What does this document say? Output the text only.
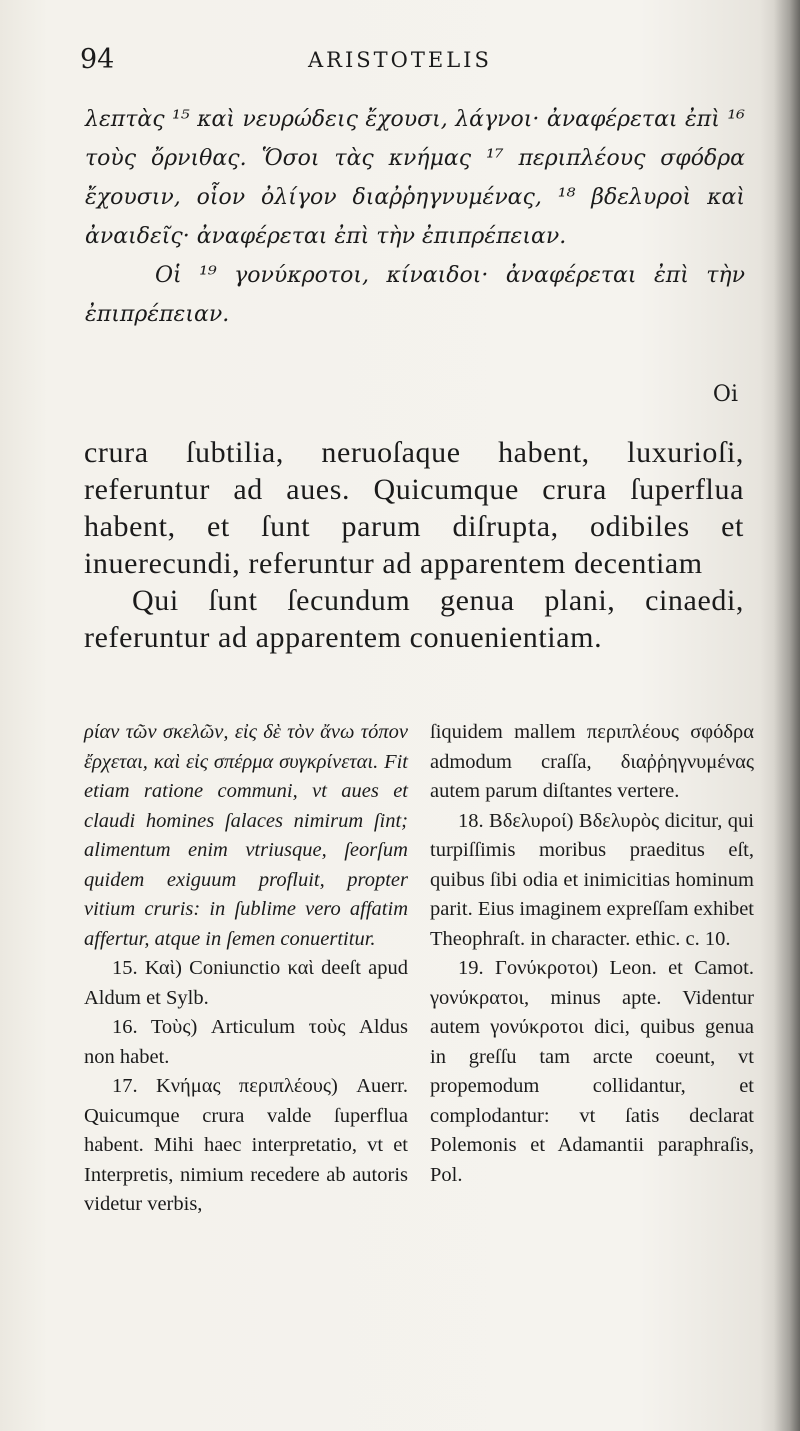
94	ARISTOTELIS

λεπτὰς ¹⁵ καὶ νευρώδεις ἔχουσι, λάγνοι· ἀναφέρεται ἐπὶ ¹⁶ τοὺς ὄρνιθας. Ὅσοι τὰς κνήμας ¹⁷ περιπλέους σφόδρα ἔχουσιν, οἷον ὀλίγον διαῤῥηγνυμένας, ¹⁸ βδελυροὶ καὶ ἀναιδεῖς· ἀναφέρεται ἐπὶ τὴν ἐπιπρέπειαν.

Οἱ ¹⁹ γονύκροτοι, κίναιδοι· ἀναφέρεται ἐπὶ τὴν ἐπιπρέπειαν.

Oi

crura ſubtilia, neruoſaque habent, luxurioſi, referuntur ad aues. Quicumque crura ſuperflua habent, et ſunt parum diſrupta, odibiles et inuerecundi, referuntur ad apparentem decentiam

Qui ſunt ſecundum genua plani, cinaedi, referuntur ad apparentem conuenientiam.

ρίαν τῶν σκελῶν, εἰς δὲ τὸν ἄνω τόπον ἔρχεται, καὶ εἰς σπέρμα συγκρίνεται. Fit etiam ratione communi, vt aues et claudi homines ſalaces nimirum ſint; alimentum enim vtriusque, ſeorſum quidem exiguum profluit, propter vitium cruris: in ſublime vero affatim affertur, atque in ſemen conuertitur.

15. Καὶ) Coniunctio καὶ deeſt apud Aldum et Sylb.

16. Τοὺς) Articulum τοὺς Aldus non habet.

17. Κνήμας περιπλέους) Auerr. Quicumque crura valde ſuperflua habent. Mihi haec interpretatio, vt et Interpretis, nimium recedere ab autoris videtur verbis,

ſiquidem mallem περιπλέους σφόδρα admodum craſſa, διαῤῥηγνυμένας autem parum diſtantes vertere.

18. Βδελυροί) Βδελυρὸς dicitur, qui turpiſſimis moribus praeditus eſt, quibus ſibi odia et inimicitias hominum parit. Eius imaginem expreſſam exhibet Theophraſt. in character. ethic. c. 10.

19. Γονύκροτοι) Leon. et Camot. γονύκρατοι, minus apte. Videntur autem γονύκροτοι dici, quibus genua in greſſu tam arcte coeunt, vt propemodum collidantur, et complodantur: vt ſatis declarat Polemonis et Adamantii paraphraſis, Pol.
